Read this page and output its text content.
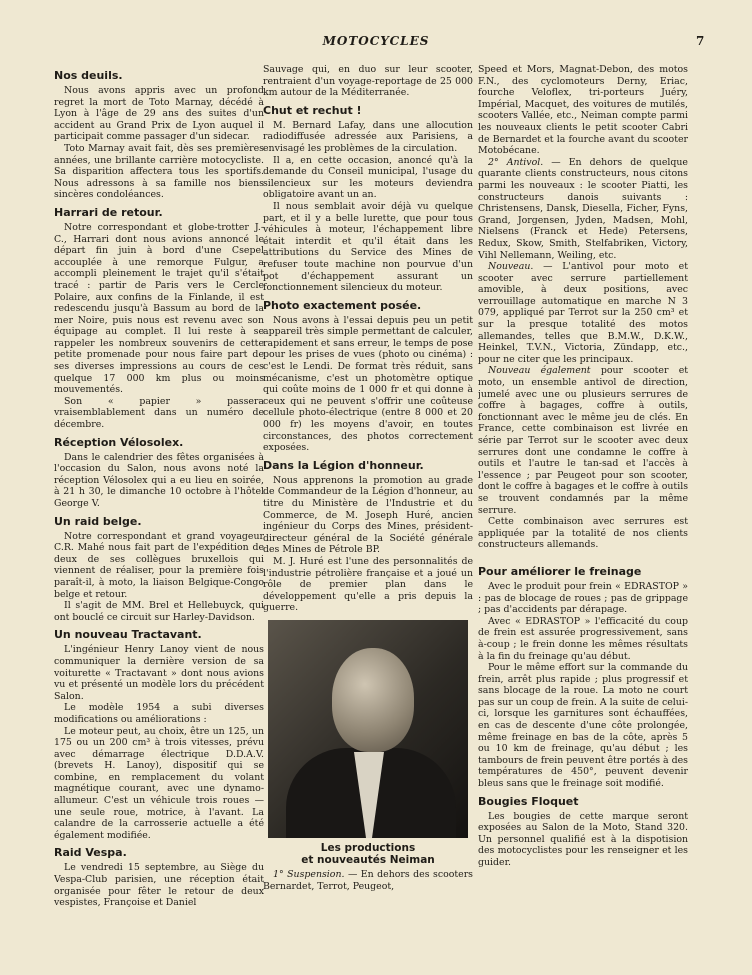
MOTOCYCLES	7
Nos deuils.

Nous avons appris avec un profond regret la mort de Toto Marnay, décédé à Lyon à l'âge de 29 ans des suites d'un accident au Grand Prix de Lyon auquel il participait comme passager d'un sidecar.

Toto Marnay avait fait, dès ses premières années, une brillante carrière motocycliste. Sa disparition affectera tous les sportifs. Nous adressons à sa famille nos biens sincères condoléances.

Harrari de retour.

Notre correspondant et globe-trotter J.-C., Harrari dont nous avions annoncé le départ fin juin à bord d'une Csepel accouplée à une remorque Fulgur, a accompli pleinement le trajet qu'il s'était tracé : partir de Paris vers le Cercle Polaire, aux confins de la Finlande, il est redescendu jusqu'à Bassum au bord de la mer Noire, puis nous est revenu avec son équipage au complet. Il lui reste à se rappeler les nombreux souvenirs de cette petite promenade pour nous faire part de ses diverses impressions au cours de ces quelque 17 000 km plus ou moins mouvementés.

Son « papier » passera vraisemblablement dans un numéro de décembre.

Réception Vélosolex.

Dans le calendrier des fêtes organisées à l'occasion du Salon, nous avons noté la réception Vélosolex qui a eu lieu en soirée, à 21 h 30, le dimanche 10 octobre à l'hôtel George V.

Un raid belge.

Notre correspondant et grand voyageur C.R. Mahé nous fait part de l'expédition de deux de ses collègues bruxellois qui viennent de réaliser, pour la première fois paraît-il, à moto, la liaison Belgique-Congo belge et retour.

Il s'agit de MM. Brel et Hellebuyck, qui ont bouclé ce circuit sur Harley-Davidson.

Un nouveau Tractavant.

L'ingénieur Henry Lanoy vient de nous communiquer la dernière version de sa voiturette « Tractavant » dont nous avions vu et présenté un modèle lors du précédent Salon.

Le modèle 1954 a subi diverses modifications ou améliorations :

Le moteur peut, au choix, être un 125, un 175 ou un 200 cm³ à trois vitesses, prévu avec démarrage électrique D.D.A.V. (brevets H. Lanoy), dispositif qui se combine, en remplacement du volant magnétique courant, avec une dynamo-allumeur. C'est un véhicule trois roues — une seule roue, motrice, à l'avant. La calandre de la carrosserie actuelle a été également modifiée.

Raid Vespa.

Le vendredi 15 septembre, au Siège du Vespa-Club parisien, une réception était organisée pour fêter le retour de deux vespistes, Françoise et Daniel

Sauvage qui, en duo sur leur scooter, rentraient d'un voyage-reportage de 25 000 km autour de la Méditerranée.

Chut et rechut !

M. Bernard Lafay, dans une allocution radiodiffusée adressée aux Parisiens, a envisagé les problèmes de la circulation.

Il a, en cette occasion, anoncé qu'à la demande du Conseil municipal, l'usage du silencieux sur les moteurs deviendra obligatoire avant un an.

Il nous semblait avoir déjà vu quelque part, et il y a belle lurette, que pour tous véhicules à moteur, l'échappement libre était interdit et qu'il était dans les attributions du Service des Mines de refuser toute machine non pourvue d'un pot d'échappement assurant un fonctionnement silencieux du moteur.

Photo exactement posée.

Nous avons à l'essai depuis peu un petit appareil très simple permettant de calculer, rapidement et sans erreur, le temps de pose pour les prises de vues (photo ou cinéma) : c'est le Lendi. De format très réduit, sans mécanisme, c'est un photomètre optique qui coûte moins de 1 000 fr et qui donne à ceux qui ne peuvent s'offrir une coûteuse cellule photo-électrique (entre 8 000 et 20 000 fr) les moyens d'avoir, en toutes circonstances, des photos correctement exposées.

Dans la Légion d'honneur.

Nous apprenons la promotion au grade de Commandeur de la Légion d'honneur, au titre du Ministère de l'Industrie et du Commerce, de M. Joseph Huré, ancien ingénieur du Corps des Mines, président-directeur général de la Société générale des Mines de Pétrole BP.

M. J. Huré est l'une des personnalités de l'industrie pétrolière française et a joué un rôle de premier plan dans le développement qu'elle a pris depuis la guerre.

Les productions
et nouveautés Neiman

1° Suspension. — En dehors des scooters Bernardet, Terrot, Peugeot,

Speed et Mors, Magnat-Debon, des motos F.N., des cyclomoteurs Derny, Eriac, fourche Veloflex, tri-porteurs Juéry, Impérial, Macquet, des voitures de mutilés, scooters Vallée, etc., Neiman compte parmi les nouveaux clients le petit scooter Cabri de Bernardet et la fourche avant du scooter Motobécane.

2° Antivol. — En dehors de quelque quarante clients constructeurs, nous citons parmi les nouveaux : le scooter Piatti, les constructeurs danois suivants : Christensens, Dansk, Diesella, Ficher, Fyns, Grand, Jorgensen, Jyden, Madsen, Mohl, Nielsens (Franck et Hede) Petersens, Redux, Skow, Smith, Stelfabriken, Victory, Vihl Nellemann, Weiling, etc.

Nouveau. — L'antivol pour moto et scooter avec serrure partiellement amovible, à deux positions, avec verrouillage automatique en marche N 3 079, appliqué par Terrot sur la 250 cm³ et sur la presque totalité des motos allemandes, telles que B.M.W., D.K.W., Heinkel, T.V.N., Victoria, Zündapp, etc., pour ne citer que les principaux.

Nouveau également pour scooter et moto, un ensemble antivol de direction, jumelé avec une ou plusieurs serrures de coffre à bagages, coffre à outils, fonctionnant avec le même jeu de clés. En France, cette combinaison est livrée en série par Terrot sur le scooter avec deux serrures dont une condamne le coffre à outils et l'autre le tan-sad et l'accès à l'essence ; par Peugeot pour son scooter, dont le coffre à bagages et le coffre à outils se trouvent condamnés par la même serrure.

Cette combinaison avec serrures est appliquée par la totalité de nos clients constructeurs allemands.

Pour améliorer le freinage

Avec le produit pour frein « EDRASTOP » : pas de blocage de roues ; pas de grippage ; pas d'accidents par dérapage.

Avec « EDRASTOP » l'efficacité du coup de frein est assurée progressivement, sans à-coup ; le frein donne les mêmes résultats à la fin du freinage qu'au début.

Pour le même effort sur la commande du frein, arrêt plus rapide ; plus progressif et sans blocage de la roue. La moto ne court pas sur un coup de frein. A la suite de celui-ci, lorsque les garnitures sont échauffées, en cas de descente d'une côte prolongée, même freinage en bas de la côte, après 5 ou 10 km de freinage, qu'au début ; les tambours de frein peuvent être portés à des températures de 450°, peuvent devenir bleus sans que le freinage soit modifié.

Bougies Floquet

Les bougies de cette marque seront exposées au Salon de la Moto, Stand 320. Un personnel qualifié est à la dispotision des motocyclistes pour les renseigner et les guider.
